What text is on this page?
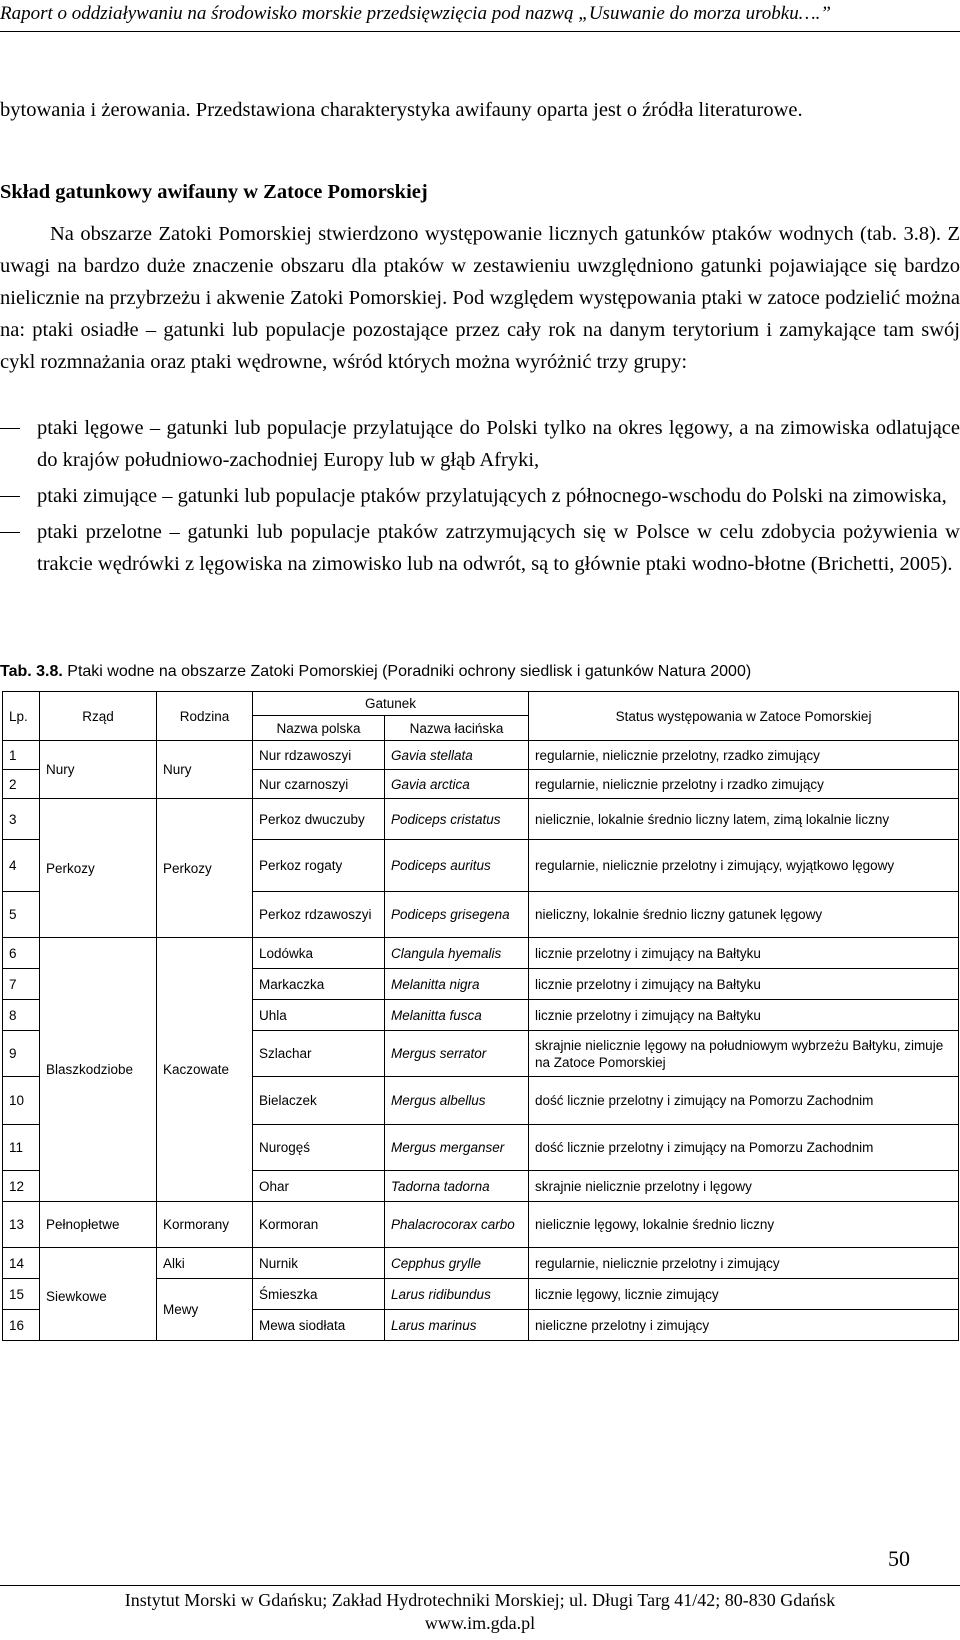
Raport o oddziaływaniu na środowisko morskie przedsięwzięcia pod nazwą „Usuwanie do morza urobku….”
bytowania i żerowania. Przedstawiona charakterystyka awifauny oparta jest o źródła literaturowe.
Skład gatunkowy awifauny w Zatoce Pomorskiej
Na obszarze Zatoki Pomorskiej stwierdzono występowanie licznych gatunków ptaków wodnych (tab. 3.8). Z uwagi na bardzo duże znaczenie obszaru dla ptaków w zestawieniu uwzględniono gatunki pojawiające się bardzo nielicznie na przybrzeżu i akwenie Zatoki Pomorskiej. Pod względem występowania ptaki w zatoce podzielić można na: ptaki osiadłe – gatunki lub populacje pozostające przez cały rok na danym terytorium i zamykające tam swój cykl rozmnażania oraz ptaki wędrowne, wśród których można wyróżnić trzy grupy:
ptaki lęgowe – gatunki lub populacje przylatujące do Polski tylko na okres lęgowy, a na zimowiska odlatujące do krajów południowo-zachodniej Europy lub w głąb Afryki,
ptaki zimujące – gatunki lub populacje ptaków przylatujących z północnego-wschodu do Polski na zimowiska,
ptaki przelotne – gatunki lub populacje ptaków zatrzymujących się w Polsce w celu zdobycia pożywienia w trakcie wędrówki z lęgowiska na zimowisko lub na odwrót, są to głównie ptaki wodno-błotne (Brichetti, 2005).
Tab. 3.8. Ptaki wodne na obszarze Zatoki Pomorskiej (Poradniki ochrony siedlisk i gatunków Natura 2000)
Lp.	Rząd	Rodzina	Gatunek		Status występowania w Zatoce Pomorskiej
			Nazwa polska	Nazwa łacińska	
1	Nury	Nury	Nur rdzawoszyi	Gavia stellata	regularnie, nielicznie przelotny, rzadko zimujący
2			Nur czarnoszyi	Gavia arctica	regularnie, nielicznie przelotny i rzadko zimujący
3	Perkozy	Perkozy	Perkoz dwuczuby	Podiceps cristatus	nielicznie, lokalnie średnio liczny latem, zimą lokalnie liczny
4			Perkoz rogaty	Podiceps auritus	regularnie, nielicznie przelotny i zimujący, wyjątkowo lęgowy
5			Perkoz rdzawoszyi	Podiceps grisegena	nieliczny, lokalnie średnio liczny gatunek lęgowy
6	Blaszkodziobe	Kaczowate	Lodówka	Clangula hyemalis	licznie przelotny i zimujący na Bałtyku
7			Markaczka	Melanitta nigra	licznie przelotny i zimujący na Bałtyku
8			Uhla	Melanitta fusca	licznie przelotny i zimujący na Bałtyku
9			Szlachar	Mergus serrator	skrajnie nielicznie lęgowy na południowym wybrzeżu Bałtyku, zimuje na Zatoce Pomorskiej
10			Bielaczek	Mergus albellus	dość licznie przelotny i zimujący na Pomorzu Zachodnim
11			Nurogęś	Mergus merganser	dość licznie przelotny i zimujący na Pomorzu Zachodnim
12			Ohar	Tadorna tadorna	skrajnie nielicznie przelotny i lęgowy
13	Pełnopłetwe	Kormorany	Kormoran	Phalacrocorax carbo	nielicznie lęgowy, lokalnie średnio liczny
14	Siewkowe	Alki	Nurnik	Cepphus grylle	regularnie, nielicznie przelotny i zimujący
15		Mewy	Śmieszka	Larus ridibundus	licznie lęgowy, licznie zimujący
16			Mewa siodłata	Larus marinus	nieliczne przelotny i zimujący
50
Instytut Morski w Gdańsku; Zakład Hydrotechniki Morskiej; ul. Długi Targ 41/42; 80-830 Gdańsk
www.im.gda.pl
